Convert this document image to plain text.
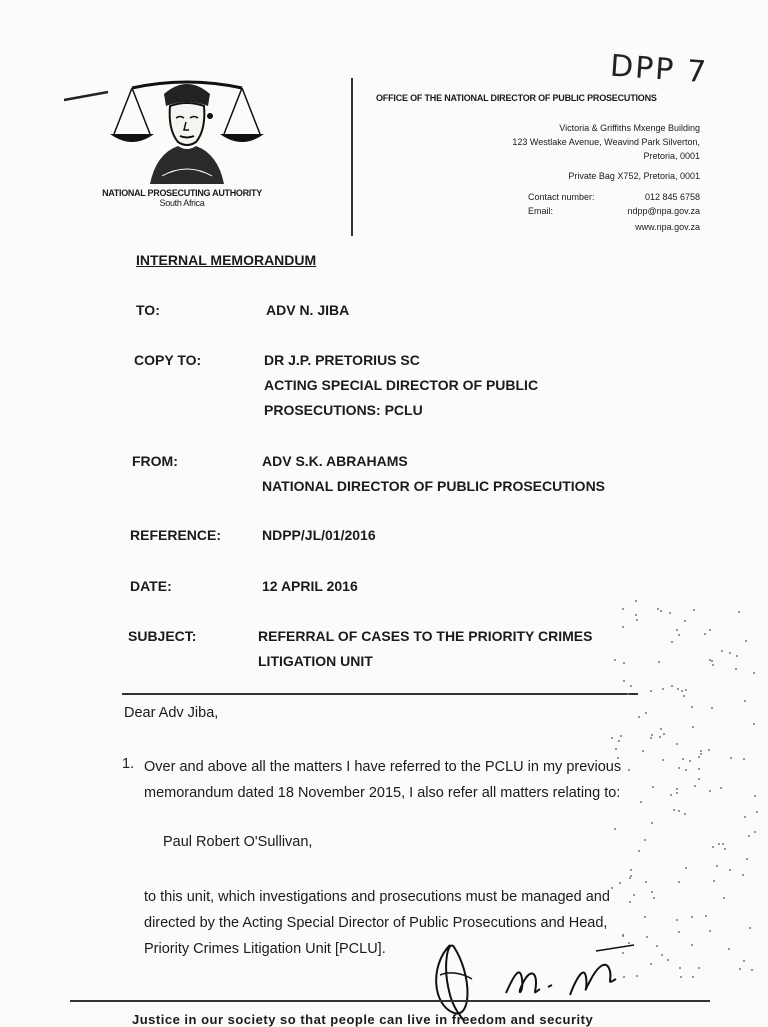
DPP 7
NATIONAL PROSECUTING AUTHORITY
South Africa
OFFICE OF THE NATIONAL DIRECTOR OF PUBLIC PROSECUTIONS
Victoria & Griffiths Mxenge Building
123 Westlake Avenue, Weavind Park Silverton,
Pretoria, 0001
Private Bag X752, Pretoria, 0001
Contact number:	012 845 6758
Email:	ndpp@npa.gov.za
www.npa.gov.za
INTERNAL MEMORANDUM
TO:	ADV N. JIBA
COPY TO:	DR J.P. PRETORIUS SC
ACTING SPECIAL DIRECTOR OF PUBLIC
PROSECUTIONS: PCLU
FROM:	ADV S.K. ABRAHAMS
NATIONAL DIRECTOR OF PUBLIC PROSECUTIONS
REFERENCE:	NDPP/JL/01/2016
DATE:	12 APRIL 2016
SUBJECT:	REFERRAL OF CASES TO THE PRIORITY CRIMES
LITIGATION UNIT
Dear Adv Jiba,
1. Over and above all the matters I have referred to the PCLU in my previous
memorandum dated 18 November 2015, I also refer all matters relating to:
Paul Robert O'Sullivan,
to this unit, which investigations and prosecutions must be managed and
directed by the Acting Special Director of Public Prosecutions and Head,
Priority Crimes Litigation Unit [PCLU].
Justice in our society so that people can live in freedom and security
